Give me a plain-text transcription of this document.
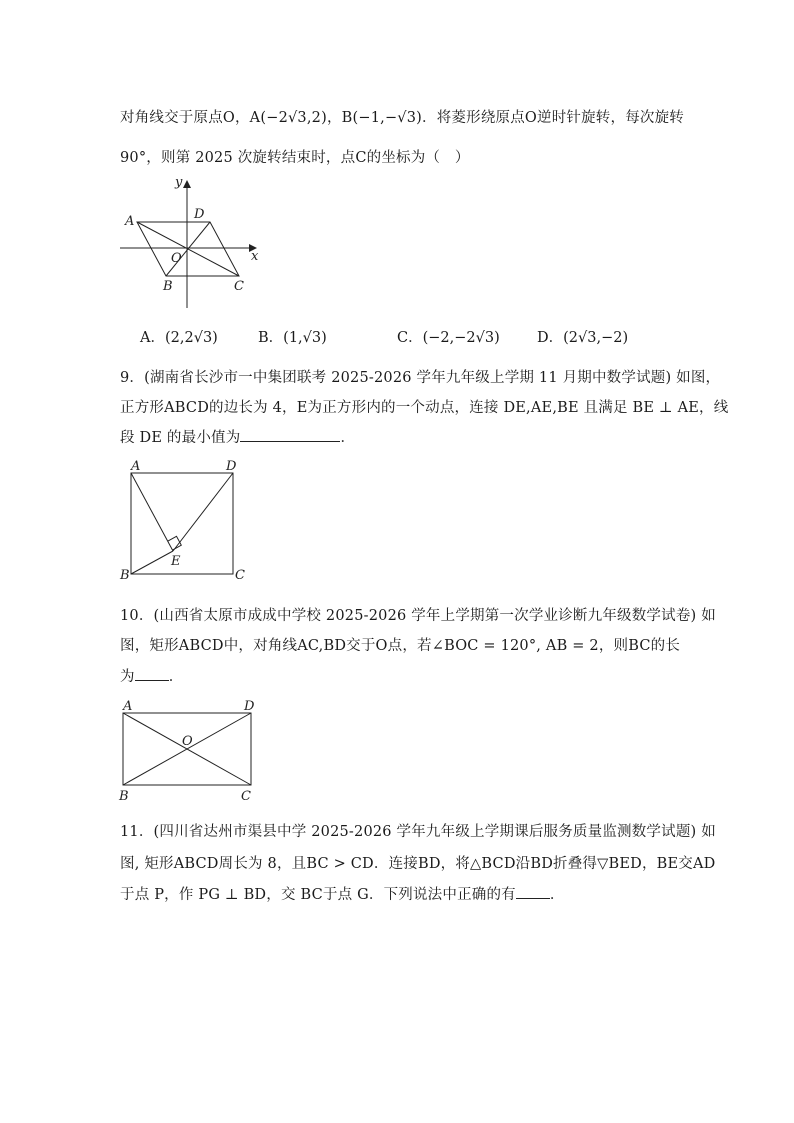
对角线交于原点O，A(−2√3,2)，B(−1,−√3)．将菱形绕原点O逆时针旋转，每次旋转
90°，则第 2025 次旋转结束时，点C的坐标为（　）
x
y
A	D
O
B	C
A．(2,2√3)	B．(1,√3)	C．(−2,−2√3)	D．(2√3,−2)
9．(湖南省长沙市一中集团联考 2025-2026 学年九年级上学期 11 月期中数学试题) 如图，
正方形ABCD的边长为 4，E为正方形内的一个动点，连接 DE,AE,BE 且满足 BE ⊥ AE，线
段 DE 的最小值为	．
A	D
B	C
E
10．(山西省太原市成成中学校 2025-2026 学年上学期第一次学业诊断九年级数学试卷) 如
图，矩形ABCD中，对角线AC,BD交于O点，若∠BOC = 120°, AB = 2，则BC的长
为 ．
A	D
O
B	C
11．(四川省达州市渠县中学 2025-2026 学年九年级上学期课后服务质量监测数学试题) 如
图, 矩形ABCD周长为 8，且BC > CD．连接BD，将△BCD沿BD折叠得▽BED，BE交AD
于点 P，作 PG ⊥ BD，交 BC于点 G．下列说法中正确的有 ．
